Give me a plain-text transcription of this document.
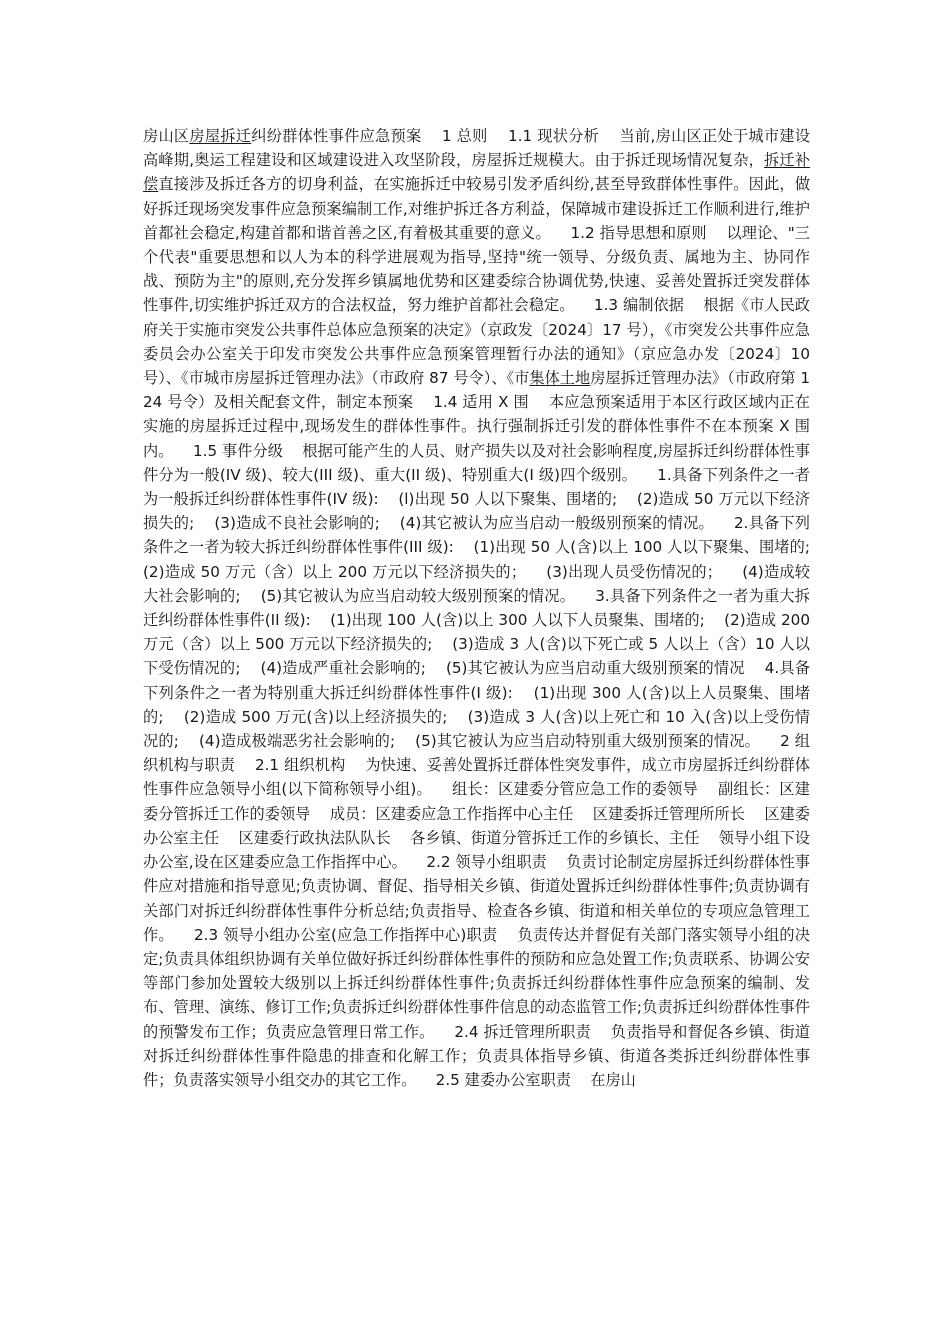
房山区房屋拆迁纠纷群体性事件应急预案    1 总则    1.1 现状分析    当前,房山区正处于城市建设高峰期,奥运工程建设和区域建设进入攻坚阶段，房屋拆迁规模大。由于拆迁现场情况复杂，拆迁补偿直接涉及拆迁各方的切身利益，在实施拆迁中较易引发矛盾纠纷,甚至导致群体性事件。因此，做好拆迁现场突发事件应急预案编制工作,对维护拆迁各方利益，保障城市建设拆迁工作顺利进行,维护首都社会稳定,构建首都和谐首善之区,有着极其重要的意义。    1.2 指导思想和原则    以理论、"三个代表"重要思想和以人为本的科学进展观为指导,坚持"统一领导、分级负责、属地为主、协同作战、预防为主"的原则,充分发挥乡镇属地优势和区建委综合协调优势,快速、妥善处置拆迁突发群体性事件,切实维护拆迁双方的合法权益，努力维护首都社会稳定。    1.3 编制依据    根据《市人民政府关于实施市突发公共事件总体应急预案的决定》（京政发〔2024〕17 号），《市突发公共事件应急委员会办公室关于印发市突发公共事件应急预案管理暂行办法的通知》（京应急办发〔2024〕10 号）、《市城市房屋拆迁管理办法》（市政府 87 号令）、《市集体土地房屋拆迁管理办法》（市政府第 124 号令）及相关配套文件，制定本预案    1.4 适用 X 围    本应急预案适用于本区行政区域内正在实施的房屋拆迁过程中,现场发生的群体性事件。执行强制拆迁引发的群体性事件不在本预案 X 围内。    1.5 事件分级    根据可能产生的人员、财产损失以及对社会影响程度,房屋拆迁纠纷群体性事件分为一般(IV 级)、较大(III 级)、重大(II 级)、特别重大(I 级)四个级别。    1.具备下列条件之一者为一般拆迁纠纷群体性事件(IV 级):    (l)出现 50 人以下聚集、围堵的;    (2)造成 50 万元以下经济损失的;    (3)造成不良社会影响的;    (4)其它被认为应当启动一般级别预案的情况。    2.具备下列条件之一者为较大拆迁纠纷群体性事件(III 级):    (1)出现 50 人(含)以上 100 人以下聚集、围堵的;    (2)造成 50 万元（含）以上 200 万元以下经济损失的；    (3)出现人员受伤情况的；    (4)造成较大社会影响的;    (5)其它被认为应当启动较大级别预案的情况。    3.具备下列条件之一者为重大拆迁纠纷群体性事件(II 级):    (1)出现 100 人(含)以上 300 人以下人员聚集、围堵的;    (2)造成 200 万元（含）以上 500 万元以下经济损失的;    (3)造成 3 人(含)以下死亡或 5 人以上（含）10 人以下受伤情况的;    (4)造成严重社会影响的;    (5)其它被认为应当启动重大级别预案的情况    4.具备下列条件之一者为特别重大拆迁纠纷群体性事件(I 级):    (1)出现 300 人(含)以上人员聚集、围堵的;    (2)造成 500 万元(含)以上经济损失的;    (3)造成 3 人(含)以上死亡和 10 入(含)以上受伤情况的;    (4)造成极端恶劣社会影响的;    (5)其它被认为应当启动特别重大级别预案的情况。    2 组织机构与职责    2.1 组织机构    为快速、妥善处置拆迁群体性突发事件，成立市房屋拆迁纠纷群体性事件应急领导小组(以下简称领导小组)。    组长：区建委分管应急工作的委领导    副组长：区建委分管拆迁工作的委领导    成员：区建委应急工作指挥中心主任    区建委拆迁管理所所长    区建委办公室主任    区建委行政执法队队长    各乡镇、街道分管拆迁工作的乡镇长、主任    领导小组下设办公室,设在区建委应急工作指挥中心。    2.2 领导小组职责    负责讨论制定房屋拆迁纠纷群体性事件应对措施和指导意见;负责协调、督促、指导相关乡镇、街道处置拆迁纠纷群体性事件;负责协调有关部门对拆迁纠纷群体性事件分析总结;负责指导、检查各乡镇、街道和相关单位的专项应急管理工作。    2.3 领导小组办公室(应急工作指挥中心)职责    负责传达并督促有关部门落实领导小组的决定;负责具体组织协调有关单位做好拆迁纠纷群体性事件的预防和应急处置工作;负责联系、协调公安等部门参加处置较大级别以上拆迁纠纷群体性事件;负责拆迁纠纷群体性事件应急预案的编制、发布、管理、演练、修订工作;负责拆迁纠纷群体性事件信息的动态监管工作;负责拆迁纠纷群体性事件的预警发布工作；负责应急管理日常工作。    2.4 拆迁管理所职责    负责指导和督促各乡镇、街道对拆迁纠纷群体性事件隐患的排查和化解工作；负责具体指导乡镇、街道各类拆迁纠纷群体性事件；负责落实领导小组交办的其它工作。    2.5 建委办公室职责    在房山
